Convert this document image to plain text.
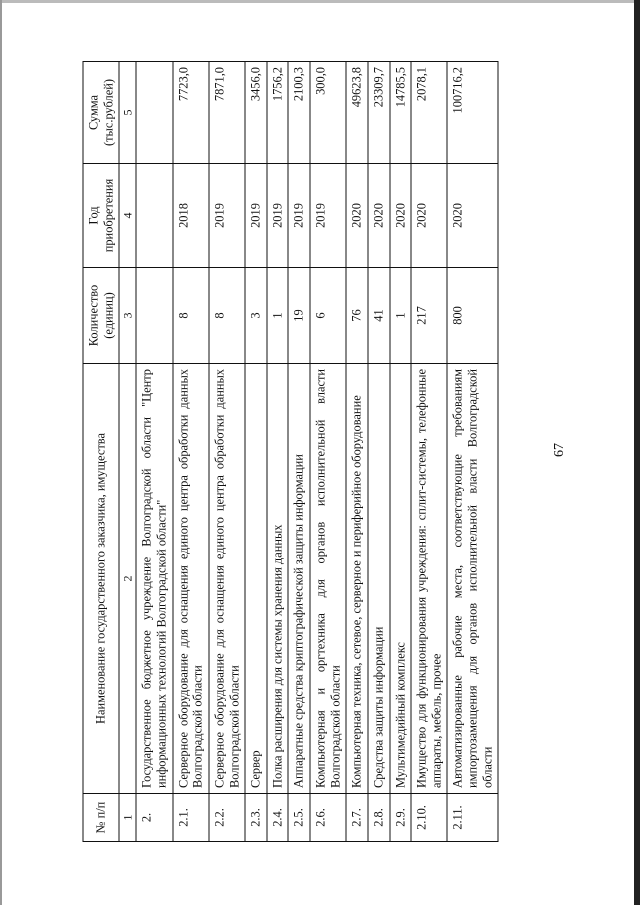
67
№ п/п	Наименование государственного заказчика, имущества	Количество (единиц)	Год приобретения	Сумма (тыс.рублей)
1	2	3	4	5
2.	Государственное бюджетное учреждение Волгоградской области "Центр информационных технологий Волгоградской области"			
2.1.	Серверное оборудование для оснащения единого центра обработки данных Волгоградской области	8	2018	7723,0
2.2.	Серверное оборудование для оснащения единого центра обработки данных Волгоградской области	8	2019	7871,0
2.3.	Сервер	3	2019	3456,0
2.4.	Полка расширения для системы хранения данных	1	2019	1756,2
2.5.	Аппаратные средства криптографической защиты информации	19	2019	2100,3
2.6.	Компьютерная и оргтехника для органов исполнительной власти Волгоградской области	6	2019	300,0
2.7.	Компьютерная техника, сетевое, серверное и периферийное оборудование	76	2020	49623,8
2.8.	Средства защиты информации	41	2020	23309,7
2.9.	Мультимедийный комплекс	1	2020	14785,5
2.10.	Имущество для функционирования учреждения: сплит-системы, телефонные аппараты, мебель, прочее	217	2020	2078,1
2.11.	Автоматизированные рабочие места, соответствующие требованиям импортозамещения для органов исполнительной власти Волгоградской области	800	2020	100716,2
